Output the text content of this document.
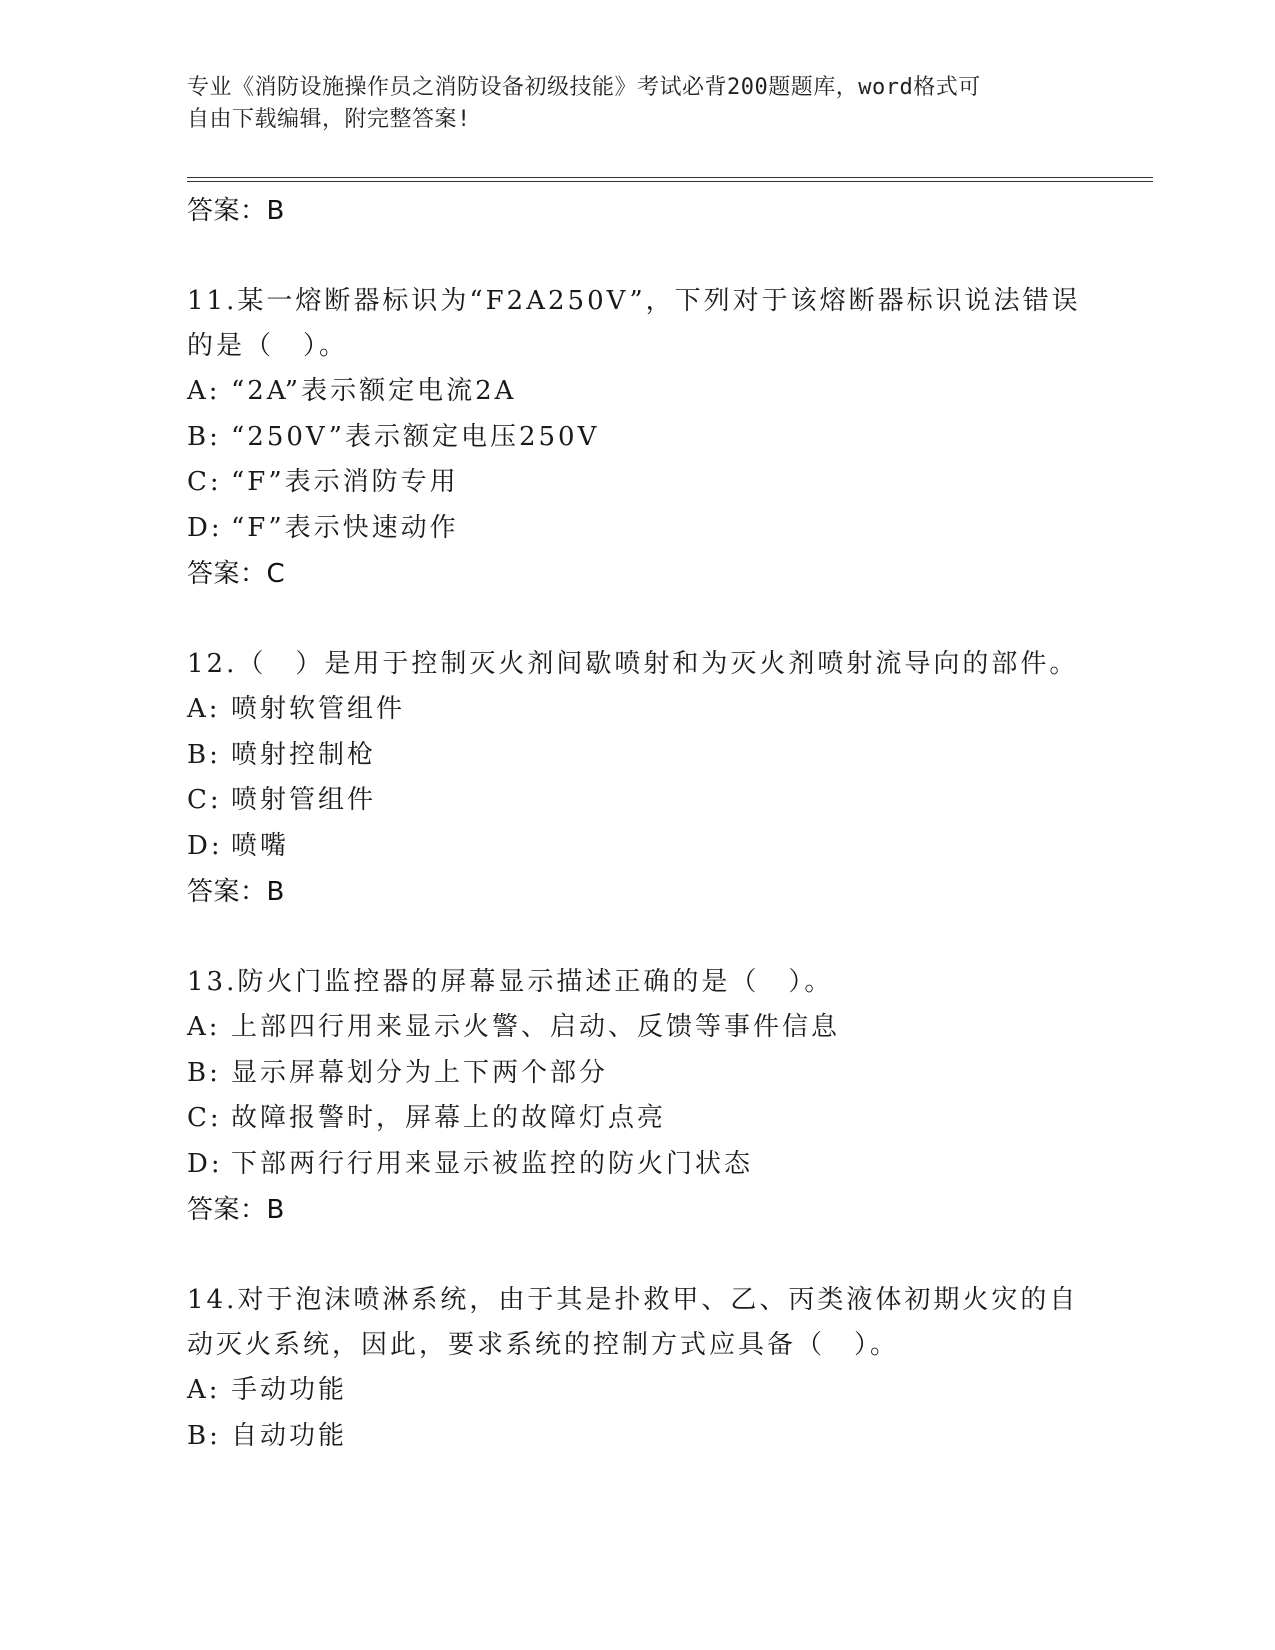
专业《消防设施操作员之消防设备初级技能》考试必背200题题库，word格式可
自由下载编辑，附完整答案!
答案：B
11.某一熔断器标识为“F2A250V”，下列对于该熔断器标识说法错误
的是（　）。
A: “2A”表示额定电流2A
B: “250V”表示额定电压250V
C: “F”表示消防专用
D: “F”表示快速动作
答案：C
12.（　）是用于控制灭火剂间歇喷射和为灭火剂喷射流导向的部件。
A: 喷射软管组件
B: 喷射控制枪
C: 喷射管组件
D: 喷嘴
答案：B
13.防火门监控器的屏幕显示描述正确的是（　）。
A: 上部四行用来显示火警、启动、反馈等事件信息
B: 显示屏幕划分为上下两个部分
C: 故障报警时，屏幕上的故障灯点亮
D: 下部两行行用来显示被监控的防火门状态
答案：B
14.对于泡沫喷淋系统，由于其是扑救甲、乙、丙类液体初期火灾的自
动灭火系统，因此，要求系统的控制方式应具备（　）。
A: 手动功能
B: 自动功能
